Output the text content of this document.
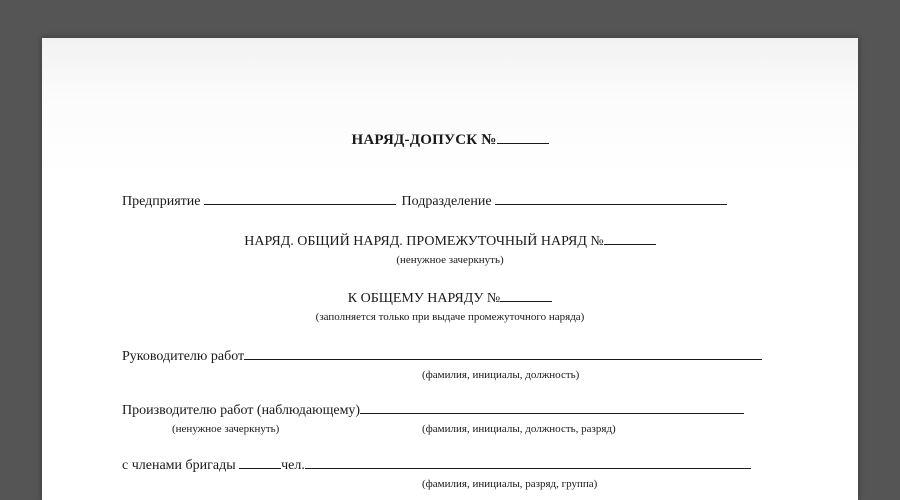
НАРЯД-ДОПУСК №
Предприятие	Подразделение
НАРЯД. ОБЩИЙ НАРЯД. ПРОМЕЖУТОЧНЫЙ НАРЯД №
(ненужное зачеркнуть)
К ОБЩЕМУ НАРЯДУ №
(заполняется только при выдаче промежуточного наряда)
Руководителю работ
(фамилия, инициалы, должность)
Производителю работ (наблюдающему)
(ненужное зачеркнуть)	(фамилия, инициалы, должность, разряд)
с членами бригады	чел.
(фамилия, инициалы, разряд, группа)
